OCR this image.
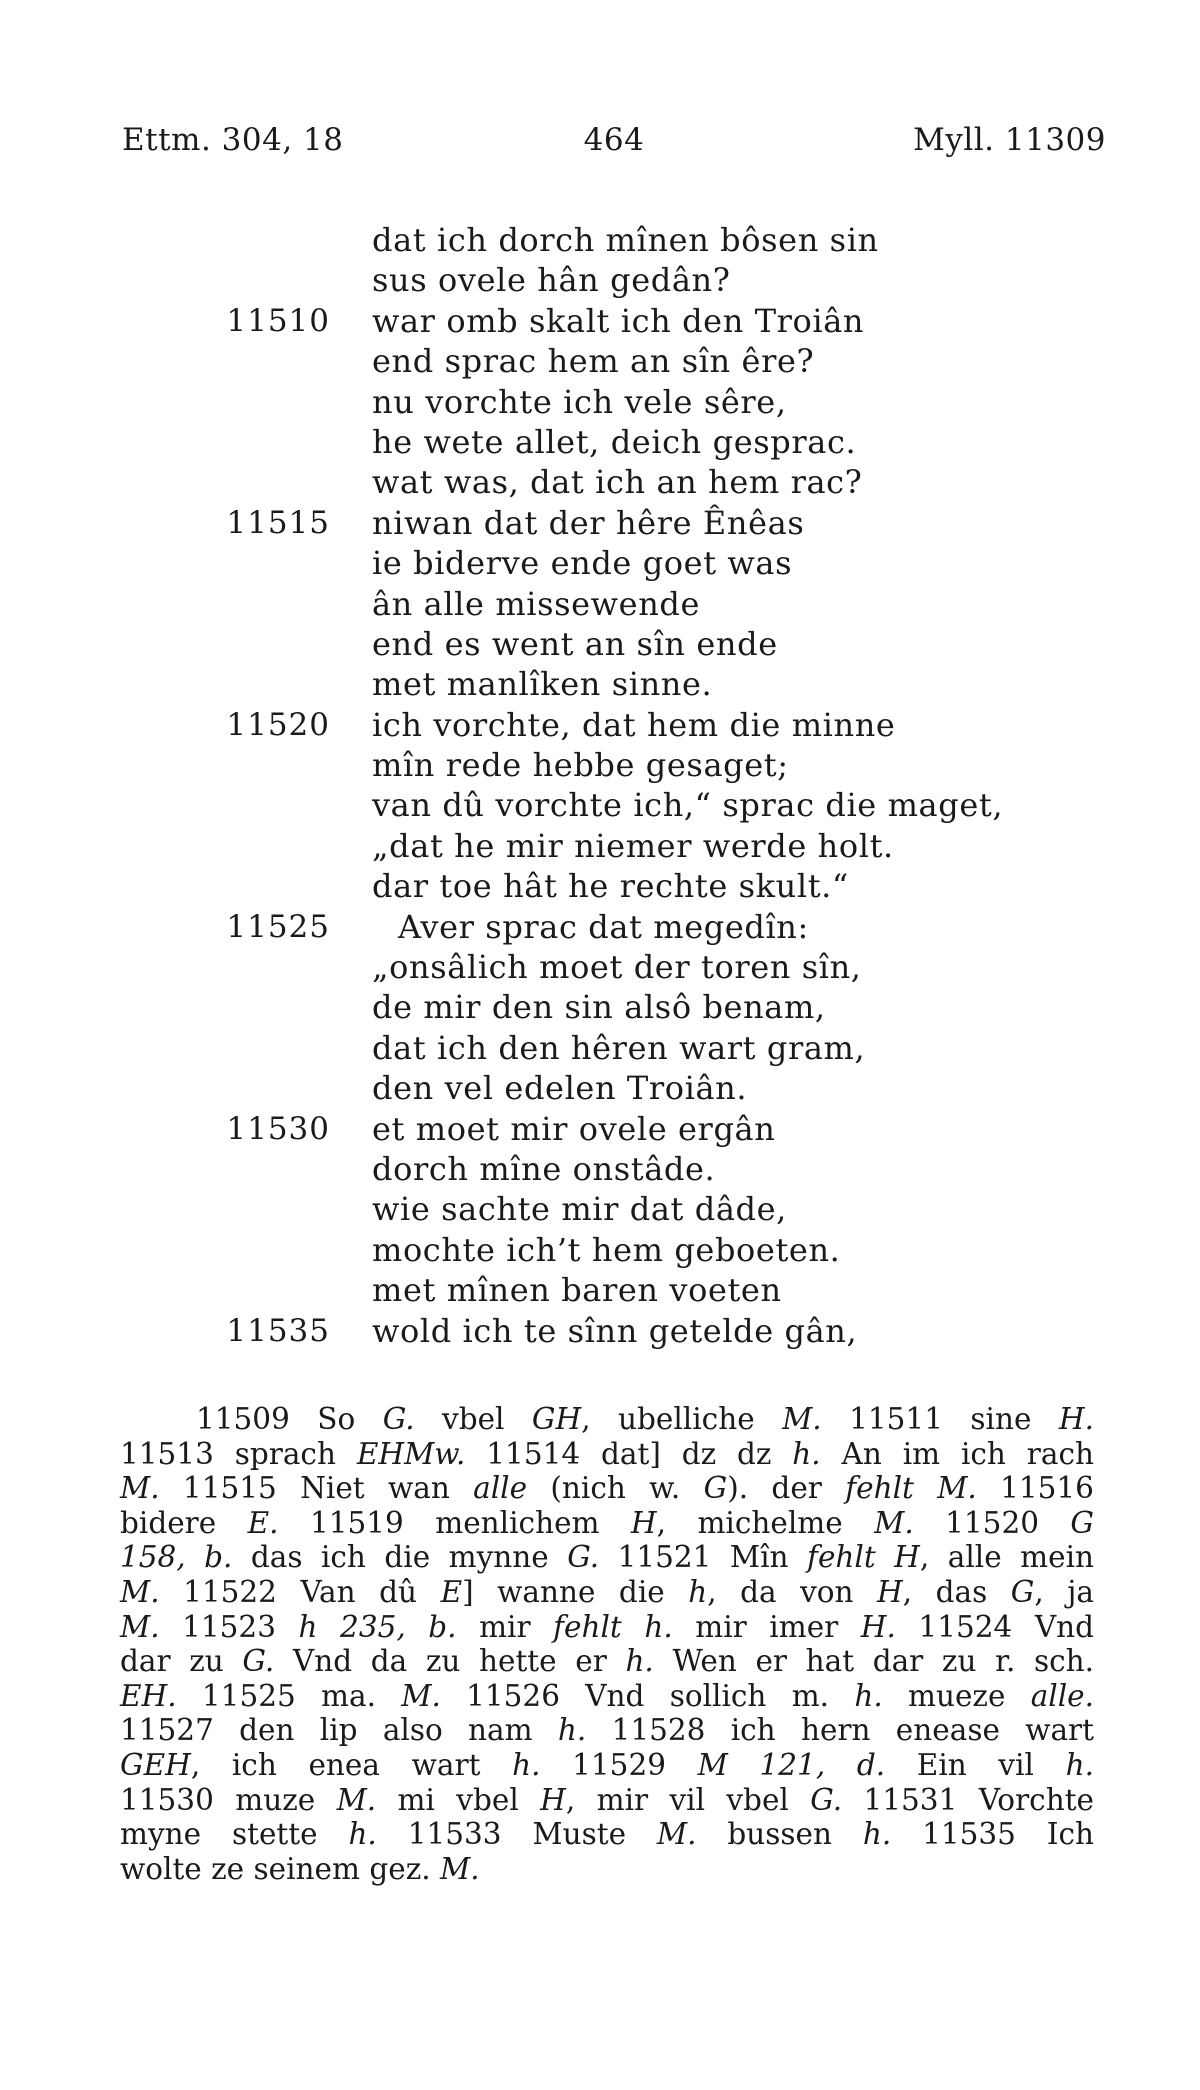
Ettm. 304, 18	464	Myll. 11309
dat ich dorch mînen bôsen sin
sus ovele hân gedân?
11510 war omb skalt ich den Troiân
end sprac hem an sîn êre?
nu vorchte ich vele sêre,
he wete allet, deich gesprac.
wat was, dat ich an hem rac?
11515 niwan dat der hêre Ênêas
ie biderve ende goet was
ân alle missewende
end es went an sîn ende
met manlîken sinne.
11520 ich vorchte, dat hem die minne
mîn rede hebbe gesaget;
van dû vorchte ich,“ sprac die maget,
„dat he mir niemer werde holt.
dar toe hât he rechte skult.“
11525 Aver sprac dat megedîn:
„onsâlich moet der toren sîn,
de mir den sin alsô benam,
dat ich den hêren wart gram,
den vel edelen Troiân.
11530 et moet mir ovele ergân
dorch mîne onstâde.
wie sachte mir dat dâde,
mochte ich’t hem geboeten.
met mînen baren voeten
11535 wold ich te sînn getelde gân,
11509 So G. vbel GH, ubelliche M. 11511 sine H.
11513 sprach EHMw. 11514 dat] dz dz h. An im ich rach
M. 11515 Niet wan alle (nich w. G). der fehlt M. 11516
bidere E. 11519 menlichem H, michelme M. 11520 G
158, b. das ich die mynne G. 11521 Mîn fehlt H, alle mein
M. 11522 Van dû E] wanne die h, da von H, das G, ja
M. 11523 h 235, b. mir fehlt h. mir imer H. 11524 Vnd
dar zu G. Vnd da zu hette er h. Wen er hat dar zu r. sch.
EH. 11525 ma. M. 11526 Vnd sollich m. h. mueze alle.
11527 den lip also nam h. 11528 ich hern enease wart
GEH, ich enea wart h. 11529 M 121, d. Ein vil h.
11530 muze M. mi vbel H, mir vil vbel G. 11531 Vorchte
myne stette h. 11533 Muste M. bussen h. 11535 Ich
wolte ze seinem gez. M.
